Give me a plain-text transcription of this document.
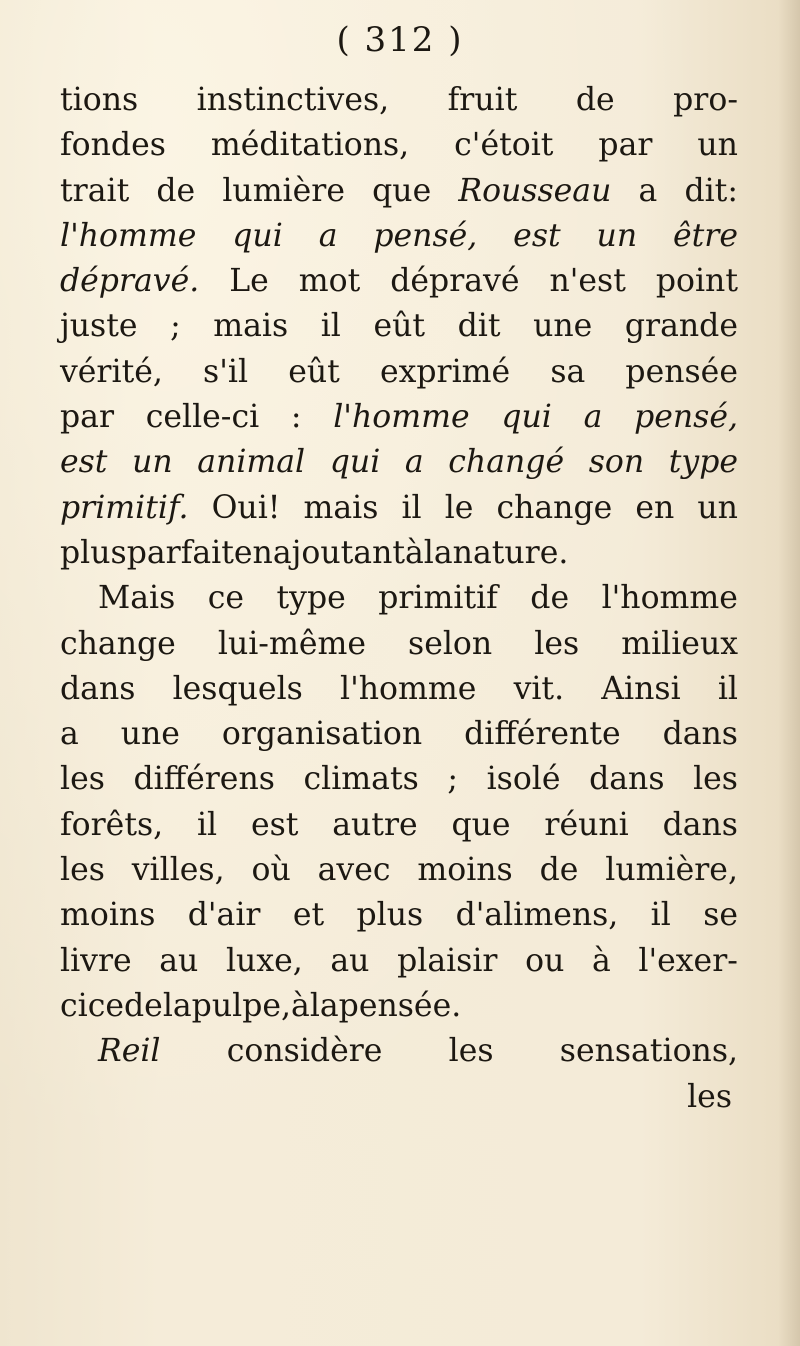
( 312 )
tions instinctives, fruit de pro-
fondes méditations, c'étoit par un
trait de lumière que Rousseau a dit:
l'homme qui a pensé, est un être
dépravé. Le mot dépravé n'est point
juste ; mais il eût dit une grande
vérité, s'il eût exprimé sa pensée
par celle-ci : l'homme qui a pensé,
est un animal qui a changé son type
primitif. Oui! mais il le change en un
plus parfait en ajoutant à la nature.
Mais ce type primitif de l'homme
change lui-même selon les milieux
dans lesquels l'homme vit. Ainsi il
a une organisation différente dans
les différens climats ; isolé dans les
forêts, il est autre que réuni dans
les villes, où avec moins de lumière,
moins d'air et plus d'alimens, il se
livre au luxe, au plaisir ou à l'exer-
cice de la pulpe, à la pensée.
Reil considère les sensations,
les
